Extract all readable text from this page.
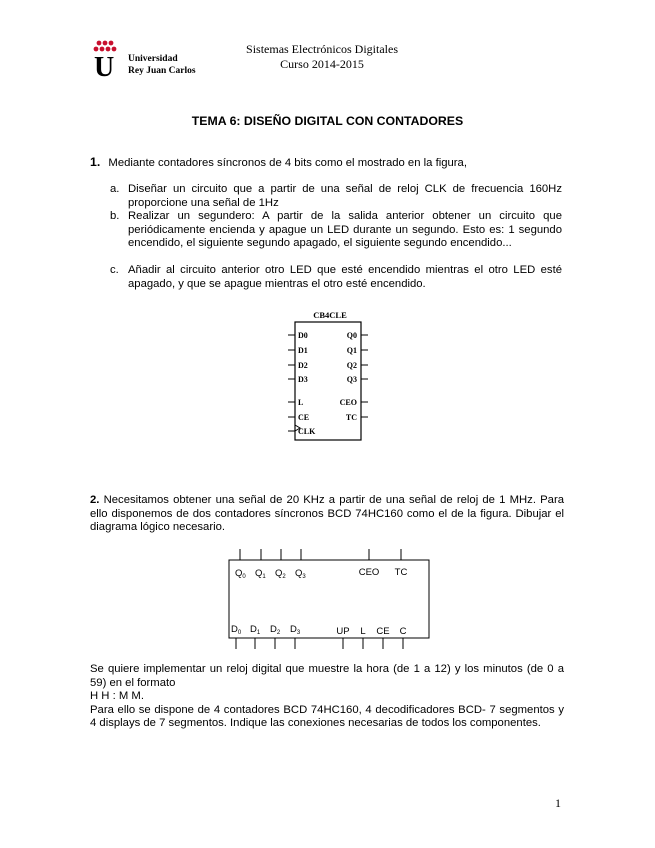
U Universidad
Rey Juan Carlos
Sistemas Electrónicos Digitales
Curso 2014-2015
TEMA 6: DISEÑO DIGITAL CON CONTADORES
1. Mediante contadores síncronos de 4 bits como el mostrado en la figura,
a. Diseñar un circuito que a partir de una señal de reloj CLK de frecuencia 160Hz proporcione una señal de 1Hz
b. Realizar un segundero: A partir de la salida anterior obtener un circuito que periódicamente encienda y apague un LED durante un segundo. Esto es: 1 segundo encendido, el siguiente segundo apagado, el siguiente segundo encendido...
c. Añadir al circuito anterior otro LED que esté encendido mientras el otro LED esté apagado, y que se apague mientras el otro esté encendido.
CB4CLE
D0
D1
D2
D3
L
CE
CLK
Q0
Q1
Q2
Q3
CEO
TC
2. Necesitamos obtener una señal de 20 KHz a partir de una señal de reloj de 1 MHz. Para ello disponemos de dos contadores síncronos BCD 74HC160 como el de la figura. Dibujar el diagrama lógico necesario.
$Q_0$ $Q_1$ $Q_2$ $Q_3$	CEO TC
$D_0$ $D_1$ $D_2$ $D_3$	UP L CE C
Se quiere implementar un reloj digital que muestre la hora (de 1 a 12) y los minutos (de 0 a 59) en el formato
H H : M M.
Para ello se dispone de 4 contadores BCD 74HC160, 4 decodificadores BCD- 7 segmentos y 4 displays de 7 segmentos. Indique las conexiones necesarias de todos los componentes.
1
